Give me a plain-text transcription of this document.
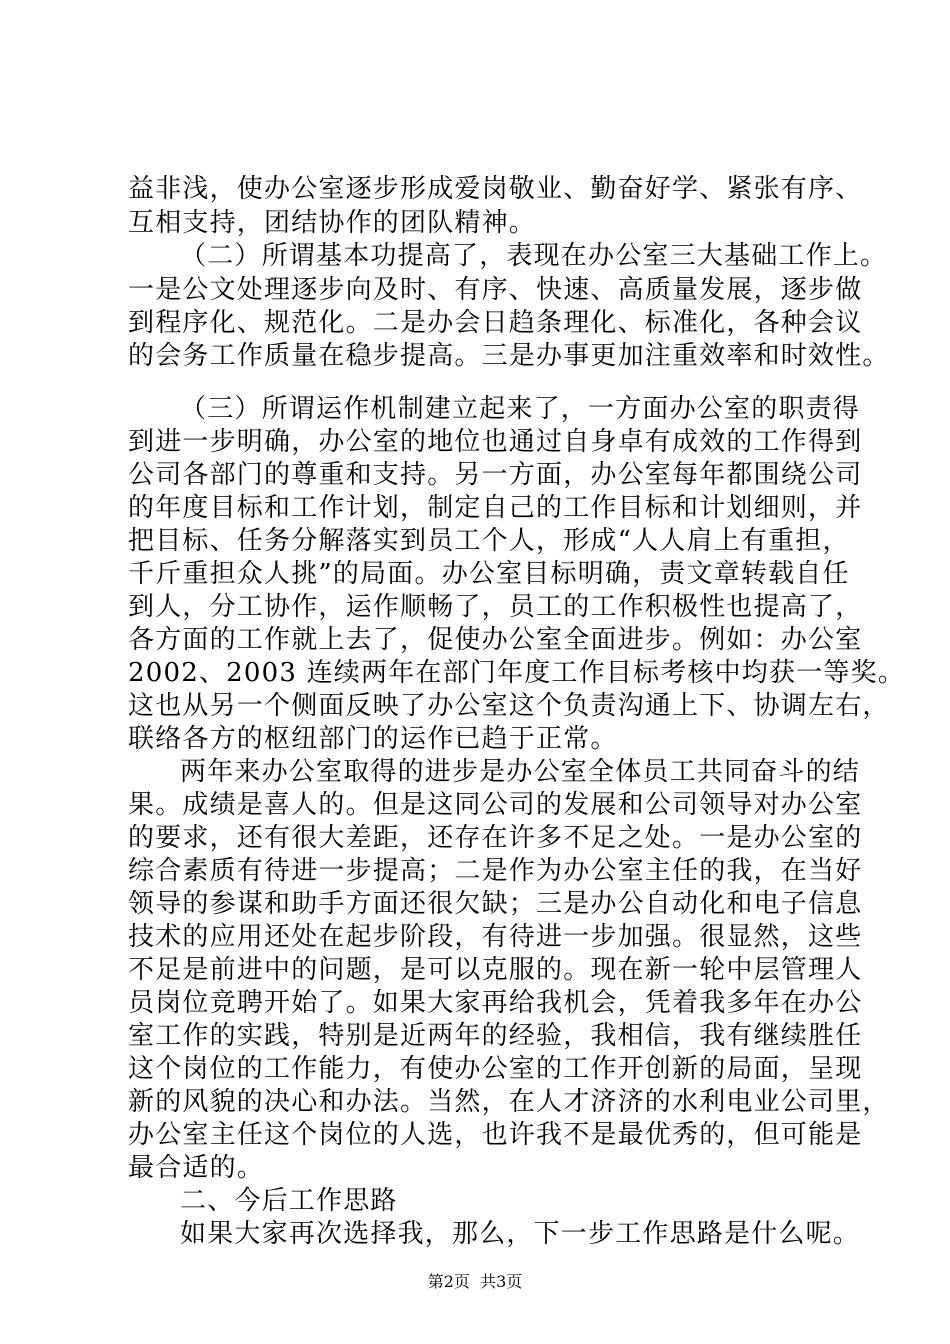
益非浅，使办公室逐步形成爱岗敬业、勤奋好学、紧张有序、
互相支持，团结协作的团队精神。
（二）所谓基本功提高了，表现在办公室三大基础工作上。
一是公文处理逐步向及时、有序、快速、高质量发展，逐步做
到程序化、规范化。二是办会日趋条理化、标准化，各种会议
的会务工作质量在稳步提高。三是办事更加注重效率和时效性。
（三）所谓运作机制建立起来了，一方面办公室的职责得
到进一步明确，办公室的地位也通过自身卓有成效的工作得到
公司各部门的尊重和支持。另一方面，办公室每年都围绕公司
的年度目标和工作计划，制定自己的工作目标和计划细则，并
把目标、任务分解落实到员工个人，形成“人人肩上有重担，
千斤重担众人挑”的局面。办公室目标明确，责文章转载自任
到人，分工协作，运作顺畅了，员工的工作积极性也提高了，
各方面的工作就上去了，促使办公室全面进步。例如：办公室
2002、2003 连续两年在部门年度工作目标考核中均获一等奖。
这也从另一个侧面反映了办公室这个负责沟通上下、协调左右，
联络各方的枢纽部门的运作已趋于正常。
两年来办公室取得的进步是办公室全体员工共同奋斗的结
果。成绩是喜人的。但是这同公司的发展和公司领导对办公室
的要求，还有很大差距，还存在许多不足之处。一是办公室的
综合素质有待进一步提高；二是作为办公室主任的我，在当好
领导的参谋和助手方面还很欠缺；三是办公自动化和电子信息
技术的应用还处在起步阶段，有待进一步加强。很显然，这些
不足是前进中的问题，是可以克服的。现在新一轮中层管理人
员岗位竞聘开始了。如果大家再给我机会，凭着我多年在办公
室工作的实践，特别是近两年的经验，我相信，我有继续胜任
这个岗位的工作能力，有使办公室的工作开创新的局面，呈现
新的风貌的决心和办法。当然，在人才济济的水利电业公司里，
办公室主任这个岗位的人选，也许我不是最优秀的，但可能是
最合适的。
二、今后工作思路
如果大家再次选择我，那么，下一步工作思路是什么呢。
第2页  共3页
